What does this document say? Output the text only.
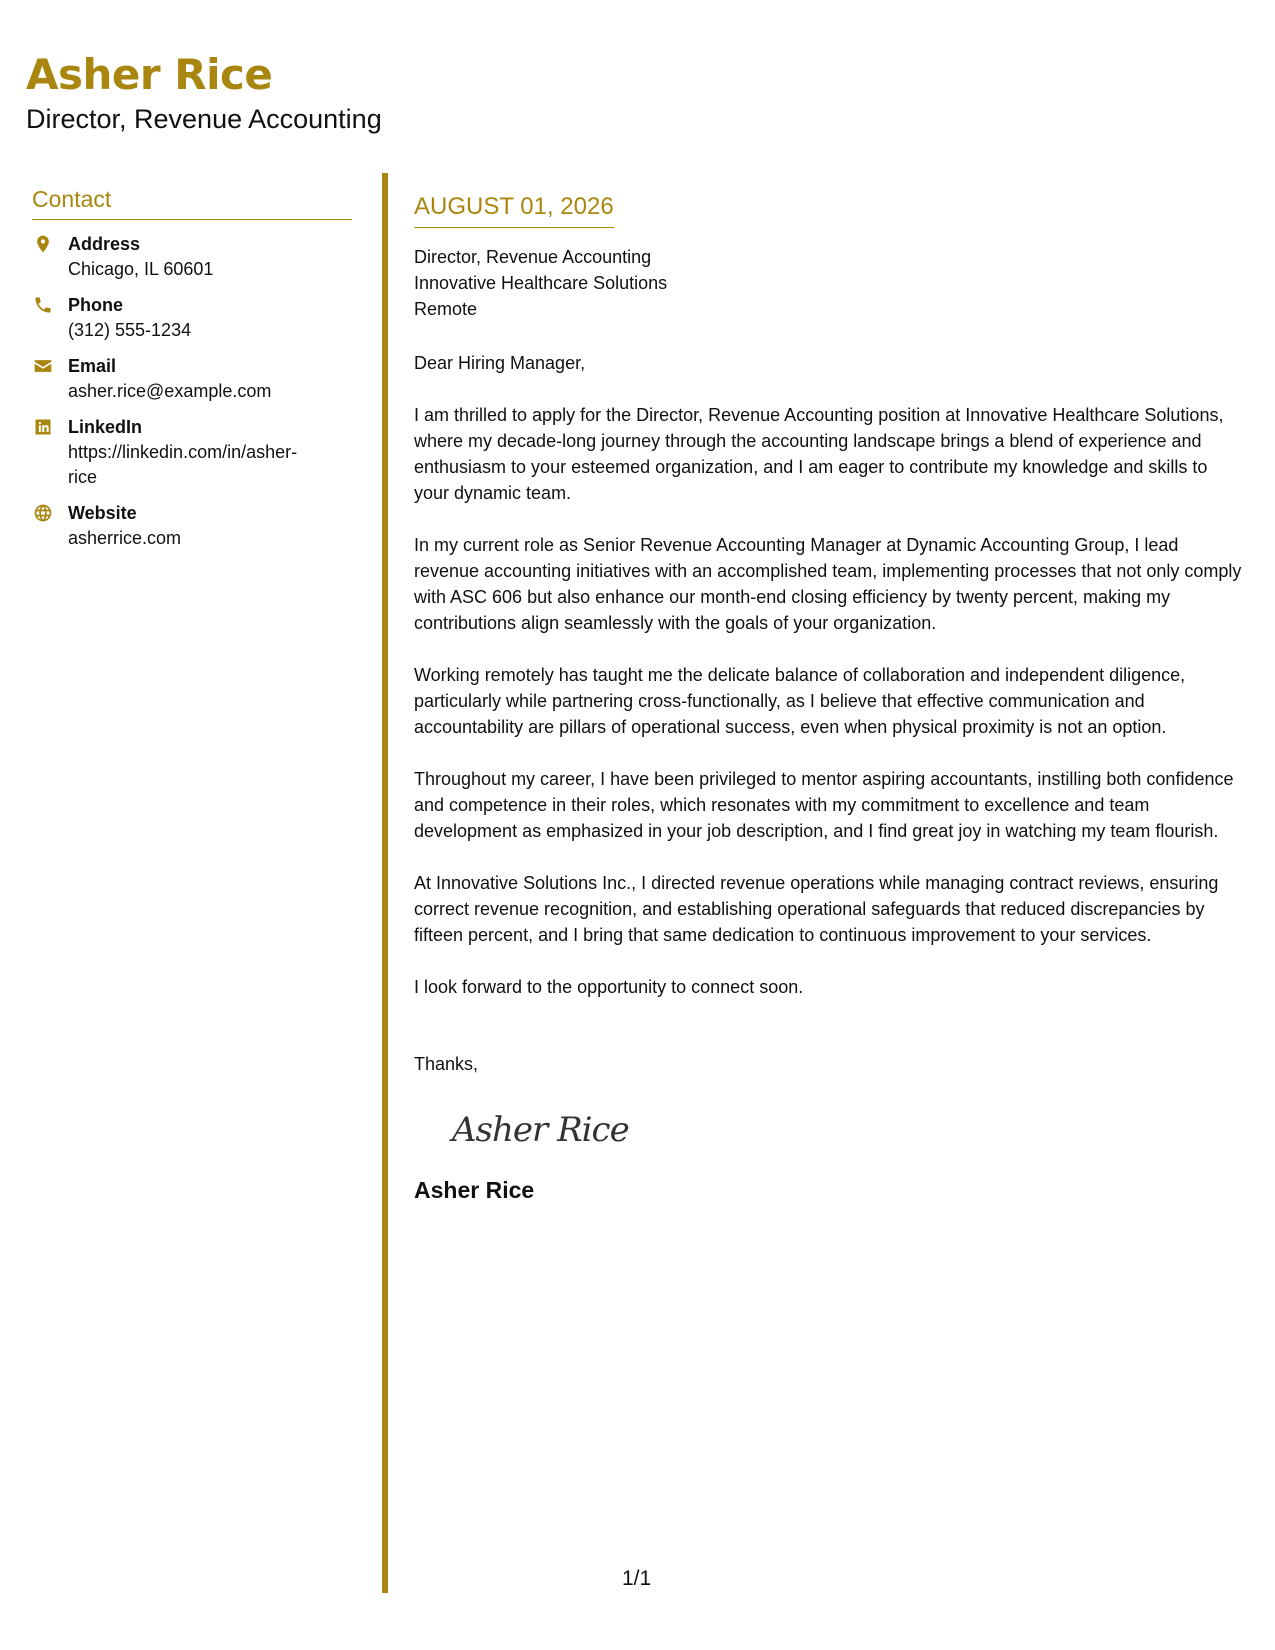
Asher Rice
Director, Revenue Accounting
Contact
Address
Chicago, IL 60601
Phone
(312) 555-1234
Email
asher.rice@example.com
LinkedIn
https://linkedin.com/in/asher-rice
Website
asherrice.com
AUGUST 01, 2026
Director, Revenue Accounting
Innovative Healthcare Solutions
Remote
Dear Hiring Manager,
I am thrilled to apply for the Director, Revenue Accounting position at Innovative Healthcare Solutions, where my decade-long journey through the accounting landscape brings a blend of experience and enthusiasm to your esteemed organization, and I am eager to contribute my knowledge and skills to your dynamic team.
In my current role as Senior Revenue Accounting Manager at Dynamic Accounting Group, I lead revenue accounting initiatives with an accomplished team, implementing processes that not only comply with ASC 606 but also enhance our month-end closing efficiency by twenty percent, making my contributions align seamlessly with the goals of your organization.
Working remotely has taught me the delicate balance of collaboration and independent diligence, particularly while partnering cross-functionally, as I believe that effective communication and accountability are pillars of operational success, even when physical proximity is not an option.
Throughout my career, I have been privileged to mentor aspiring accountants, instilling both confidence and competence in their roles, which resonates with my commitment to excellence and team development as emphasized in your job description, and I find great joy in watching my team flourish.
At Innovative Solutions Inc., I directed revenue operations while managing contract reviews, ensuring correct revenue recognition, and establishing operational safeguards that reduced discrepancies by fifteen percent, and I bring that same dedication to continuous improvement to your services.
I look forward to the opportunity to connect soon.
Thanks,
Asher Rice
Asher Rice
1/1
